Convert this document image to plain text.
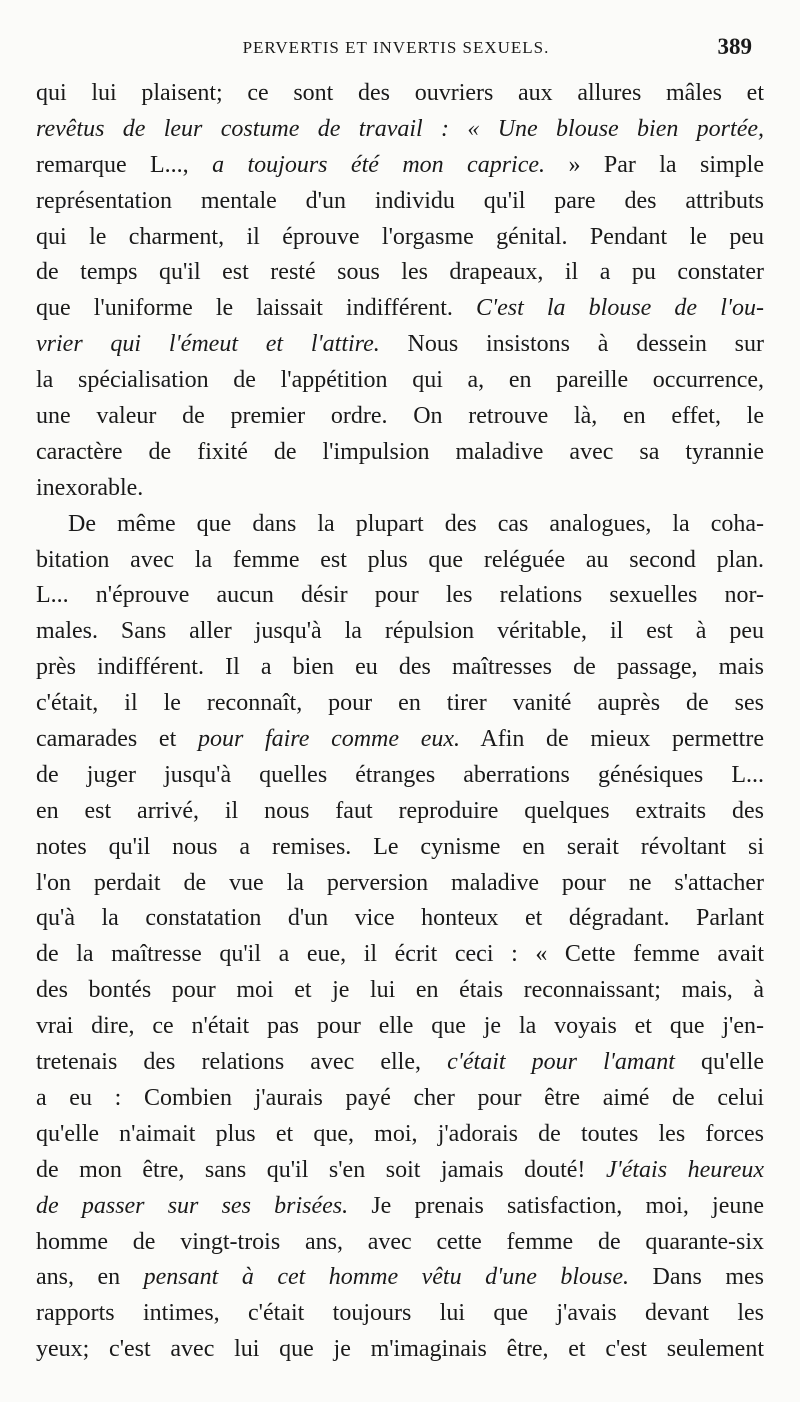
PERVERTIS ET INVERTIS SEXUELS.	389
qui lui plaisent; ce sont des ouvriers aux allures mâles et
revêtus de leur costume de travail : « Une blouse bien portée,
remarque L..., a toujours été mon caprice. » Par la simple
représentation mentale d'un individu qu'il pare des attributs
qui le charment, il éprouve l'orgasme génital. Pendant le peu
de temps qu'il est resté sous les drapeaux, il a pu constater
que l'uniforme le laissait indifférent. C'est la blouse de l'ou-
vrier qui l'émeut et l'attire. Nous insistons à dessein sur
la spécialisation de l'appétition qui a, en pareille occurrence,
une valeur de premier ordre. On retrouve là, en effet, le
caractère de fixité de l'impulsion maladive avec sa tyrannie
inexorable.
De même que dans la plupart des cas analogues, la coha-
bitation avec la femme est plus que reléguée au second plan.
L... n'éprouve aucun désir pour les relations sexuelles nor-
males. Sans aller jusqu'à la répulsion véritable, il est à peu
près indifférent. Il a bien eu des maîtresses de passage, mais
c'était, il le reconnaît, pour en tirer vanité auprès de ses
camarades et pour faire comme eux. Afin de mieux permettre
de juger jusqu'à quelles étranges aberrations génésiques L...
en est arrivé, il nous faut reproduire quelques extraits des
notes qu'il nous a remises. Le cynisme en serait révoltant si
l'on perdait de vue la perversion maladive pour ne s'attacher
qu'à la constatation d'un vice honteux et dégradant. Parlant
de la maîtresse qu'il a eue, il écrit ceci : « Cette femme avait
des bontés pour moi et je lui en étais reconnaissant; mais, à
vrai dire, ce n'était pas pour elle que je la voyais et que j'en-
tretenais des relations avec elle, c'était pour l'amant qu'elle
a eu : Combien j'aurais payé cher pour être aimé de celui
qu'elle n'aimait plus et que, moi, j'adorais de toutes les forces
de mon être, sans qu'il s'en soit jamais douté! J'étais heureux
de passer sur ses brisées. Je prenais satisfaction, moi, jeune
homme de vingt-trois ans, avec cette femme de quarante-six
ans, en pensant à cet homme vêtu d'une blouse. Dans mes
rapports intimes, c'était toujours lui que j'avais devant les
yeux; c'est avec lui que je m'imaginais être, et c'est seulement
